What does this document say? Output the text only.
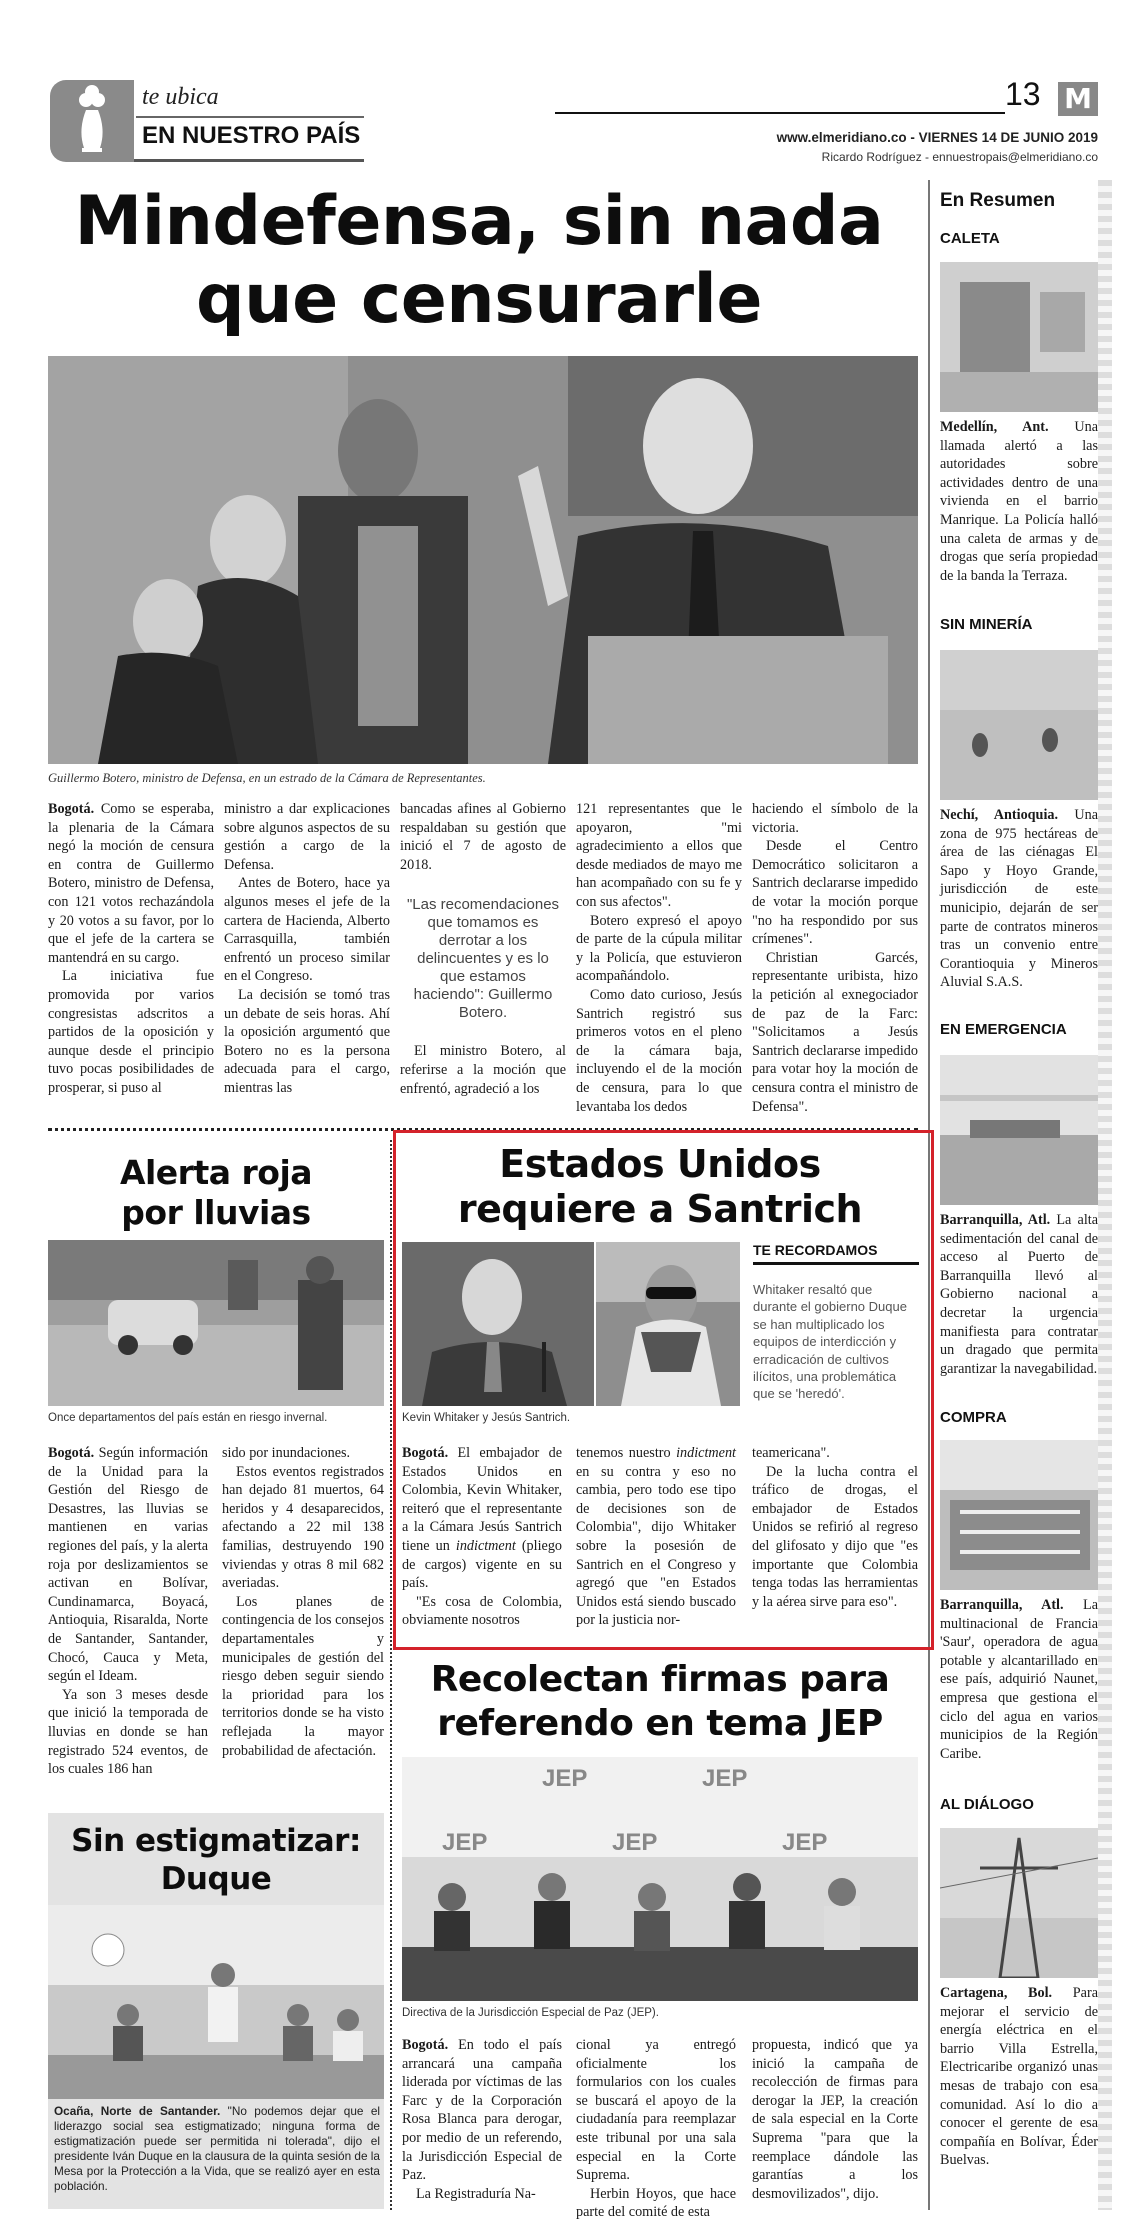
te ubica
EN NUESTRO PAÍS
13 M
www.elmeridiano.co - VIERNES 14 DE JUNIO 2019
Ricardo Rodríguez - ennuestropais@elmeridiano.co
Mindefensa, sin nada
que censurarle
Guillermo Botero, ministro de Defensa, en un estrado de la Cámara de Representantes.

Bogotá. Como se esperaba, la plenaria de la Cámara negó la moción de censura en contra de Guillermo Botero, ministro de Defensa, con 121 votos rechazándola y 20 votos a su favor, por lo que el jefe de la cartera se mantendrá en su cargo.

La iniciativa fue promovida por varios congresistas adscritos a partidos de la oposición y aunque desde el principio tuvo pocas posibilidades de prosperar, si puso al

ministro a dar explicaciones sobre algunos aspectos de su gestión a cargo de la Defensa.

Antes de Botero, hace ya algunos meses el jefe de la cartera de Hacienda, Alberto Carrasquilla, también enfrentó un proceso similar en el Congreso.

La decisión se tomó tras un debate de seis horas. Ahí la oposición argumentó que Botero no es la persona adecuada para el cargo, mientras las

bancadas afines al Gobierno respaldaban su gestión que inició el 7 de agosto de 2018.

"Las recomendaciones que tomamos es derrotar a los delincuentes y es lo que estamos haciendo": Guillermo Botero.

El ministro Botero, al referirse a la moción que enfrentó, agradeció a los

121 representantes que le apoyaron, "mi agradecimiento a ellos que desde mediados de mayo me han acompañado con su fe y con sus afectos".

Botero expresó el apoyo de parte de la cúpula militar y la Policía, que estuvieron acompañándolo.

Como dato curioso, Jesús Santrich registró sus primeros votos en el pleno de la cámara baja, incluyendo el de la moción de censura, para lo que levantaba los dedos

haciendo el símbolo de la victoria.

Desde el Centro Democrático solicitaron a Santrich declararse impedido de votar la moción porque "no ha respondido por sus crímenes".

Christian Garcés, representante uribista, hizo la petición al exnegociador de paz de la Farc: "Solicitamos a Jesús Santrich declararse impedido para votar hoy la moción de censura contra el ministro de Defensa".

Alerta roja
por lluvias
Once departamentos del país están en riesgo invernal.

Bogotá. Según información de la Unidad para la Gestión del Riesgo de Desastres, las lluvias se mantienen en varias regiones del país, y la alerta roja por deslizamientos se activan en Bolívar, Cundinamarca, Boyacá, Antioquia, Risaralda, Norte de Santander, Santander, Chocó, Cauca y Meta, según el Ideam.

Ya son 3 meses desde que inició la temporada de lluvias en donde se han registrado 524 eventos, de los cuales 186 han

sido por inundaciones.

Estos eventos registrados han dejado 81 muertos, 64 heridos y 4 desaparecidos, afectando a 22 mil 138 familias, destruyendo 190 viviendas y otras 8 mil 682 averiadas.

Los planes de contingencia de los consejos departamentales y municipales de gestión del riesgo deben seguir siendo la prioridad para los territorios donde se ha visto reflejada la mayor probabilidad de afectación.

Sin estigmatizar:
Duque
Ocaña, Norte de Santander. "No podemos dejar que el liderazgo social sea estigmatizado; ninguna forma de estigmatización puede ser permitida ni tolerada", dijo el presidente Iván Duque en la clausura de la quinta sesión de la Mesa por la Protección a la Vida, que se realizó ayer en esta población.
Estados Unidos
requiere a Santrich
Kevin Whitaker y Jesús Santrich.
TE RECORDAMOS
Whitaker resaltó que durante el gobierno Duque se han multiplicado los equipos de interdicción y erradicación de cultivos ilícitos, una problemática que se 'heredó'.

Bogotá. El embajador de Estados Unidos en Colombia, Kevin Whitaker, reiteró que el representante a la Cámara Jesús Santrich tiene un indictment (pliego de cargos) vigente en su país.

"Es cosa de Colombia, obviamente nosotros

tenemos nuestro indictment en su contra y eso no cambia, pero todo ese tipo de decisiones son de Colombia", dijo Whitaker sobre la posesión de Santrich en el Congreso y agregó que "en Estados Unidos está siendo buscado por la justicia nor-

teamericana".

De la lucha contra el tráfico de drogas, el embajador de Estados Unidos se refirió al regreso del glifosato y dijo que "es importante que Colombia tenga todas las herramientas y la aérea sirve para eso".

Recolectan firmas para
referendo en tema JEP
JEP	JEP
JEP	JEP	JEP
Directiva de la Jurisdicción Especial de Paz (JEP).

Bogotá. En todo el país arrancará una campaña liderada por víctimas de las Farc y de la Corporación Rosa Blanca para derogar, por medio de un referendo, la Jurisdicción Especial de Paz.

La Registraduría Na-

cional ya entregó oficialmente los formularios con los cuales se buscará el apoyo de la ciudadanía para reemplazar este tribunal por una sala especial en la Corte Suprema.

Herbin Hoyos, que hace parte del comité de esta

propuesta, indicó que ya inició la campaña de recolección de firmas para derogar la JEP, la creación de sala especial en la Corte Suprema "para que la reemplace dándole las garantías a los desmovilizados", dijo.

En Resumen
CALETA
Medellín, Ant. Una llamada alertó a las autoridades sobre actividades dentro de una vivienda en el barrio Manrique. La Policía halló una caleta de armas y de drogas que sería propiedad de la banda la Terraza.
SIN MINERÍA
Nechí, Antioquia. Una zona de 975 hectáreas de área de las ciénagas El Sapo y Hoyo Grande, jurisdicción de este municipio, dejarán de ser parte de contratos mineros tras un convenio entre Corantioquia y Mineros Aluvial S.A.S.
EN EMERGENCIA
Barranquilla, Atl. La alta sedimentación del canal de acceso al Puerto de Barranquilla llevó al Gobierno nacional a decretar la urgencia manifiesta para contratar un dragado que permita garantizar la navegabilidad.
COMPRA
Barranquilla, Atl. La multinacional de Francia 'Saur', operadora de agua potable y alcantarillado en ese país, adquirió Naunet, empresa que gestiona el ciclo del agua en varios municipios de la Región Caribe.
AL DIÁLOGO
Cartagena, Bol. Para mejorar el servicio de energía eléctrica en el barrio Villa Estrella, Electricaribe organizó unas mesas de trabajo con esa comunidad. Así lo dio a conocer el gerente de esa compañía en Bolívar, Éder Buelvas.
